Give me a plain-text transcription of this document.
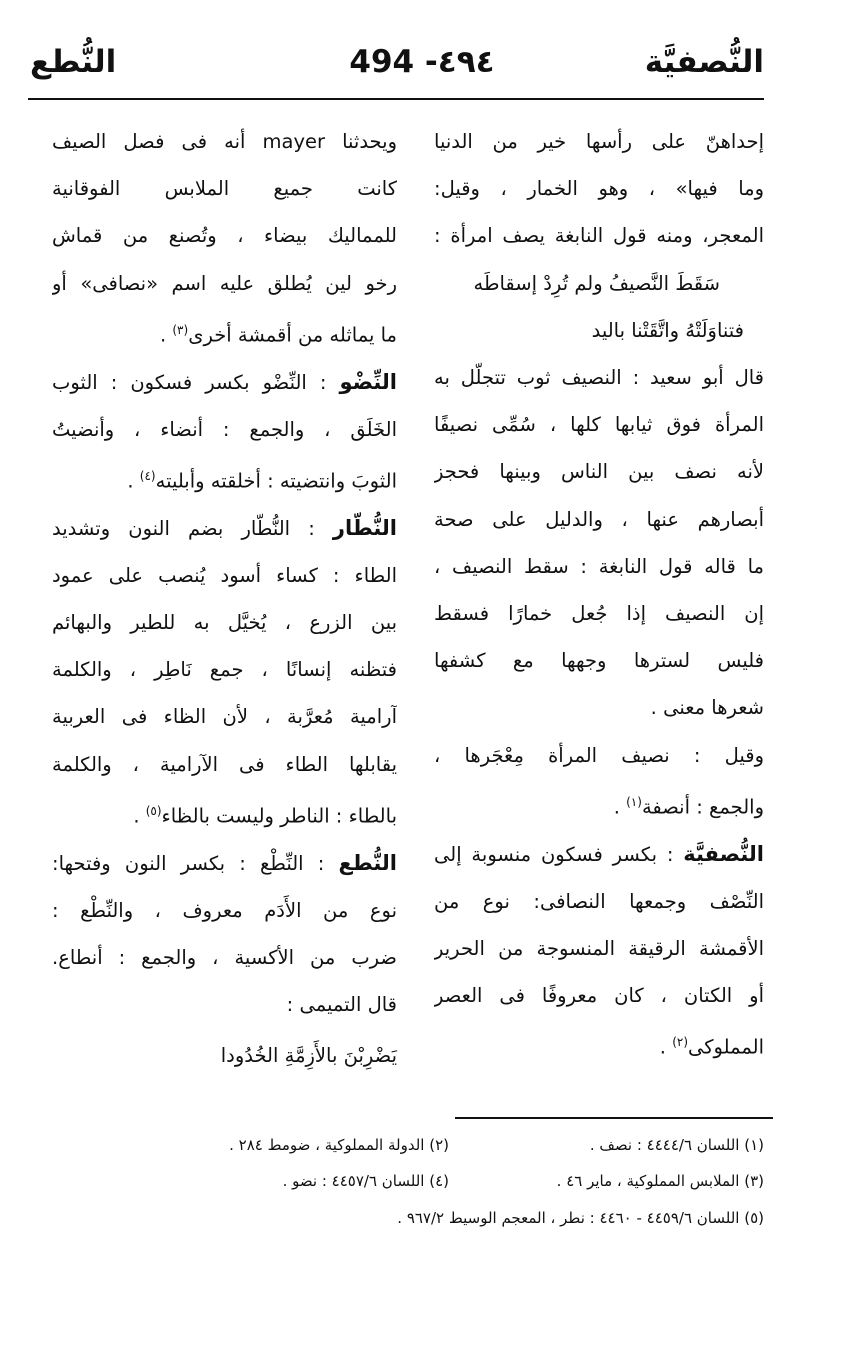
النُّصفيَّة
494 -٤٩٤
النُّطع
إحداهنّ على رأسها خير من الدنيا
وما فيها» ، وهو الخمار ، وقيل:
المعجر، ومنه قول النابغة يصف امرأة :
سَقَطَ النَّصيفُ ولم تُرِدْ إسقاطَه
فتناوَلَتْهُ واتَّقَتْنا باليد
قال أبو سعيد : النصيف ثوب تتجلّل به
المرأة فوق ثيابها كلها ، سُمِّى نصيفًا
لأنه نصف بين الناس وبينها فحجز
أبصارهم عنها ، والدليل على صحة
ما قاله قول النابغة : سقط النصيف ،
إن النصيف إذا جُعل خمارًا فسقط
فليس لسترها وجهها مع كشفها
شعرها معنى .
وقيل : نصيف المرأة مِعْجَرها ،
والجمع : أنصفة$^{(١)}$ .
النُّصفيَّة : بكسر فسكون منسوبة إلى
النِّصْف وجمعها النصافى: نوع من
الأقمشة الرقيقة المنسوجة من الحرير
أو الكتان ، كان معروفًا فى العصر
المملوكى$^{(٢)}$ .
ويحدثنا mayer أنه فى فصل الصيف
كانت جميع الملابس الفوقانية
للمماليك بيضاء ، وتُصنع من قماش
رخو لين يُطلق عليه اسم «نصافى» أو
ما يماثله من أقمشة أخرى$^{(٣)}$ .
النِّضْو : النِّضْو بكسر فسكون : الثوب
الخَلَق ، والجمع : أنضاء ، وأنضيتُ
الثوبَ وانتضيته : أخلقته وأبليته$^{(٤)}$ .
النُّطّار : النُّطّار بضم النون وتشديد
الطاء : كساء أسود يُنصب على عمود
بين الزرع ، يُخيَّل به للطير والبهائم
فتظنه إنسانًا ، جمع نَاطِر ، والكلمة
آرامية مُعرَّبة ، لأن الظاء فى العربية
يقابلها الطاء فى الآرامية ، والكلمة
بالطاء : الناطر وليست بالظاء$^{(٥)}$ .
النُّطع : النِّطْع : بكسر النون وفتحها:
نوع من الأَدَم معروف ، والنِّطْع :
ضرب من الأكسية ، والجمع : أنطاع.
قال التميمى :
يَضْرِبْنَ بالأَزِمَّةِ الخُدُودا
(١) اللسان ٤٤٤٤/٦ : نصف .
(٢) الدولة المملوكية ، ضومط ٢٨٤ .
(٣) الملابس المملوكية ، ماير ٤٦ .
(٤) اللسان ٤٤٥٧/٦ : نضو .
(٥) اللسان ٤٤٥٩/٦ - ٤٤٦٠ : نطر ، المعجم الوسيط ٩٦٧/٢ .
